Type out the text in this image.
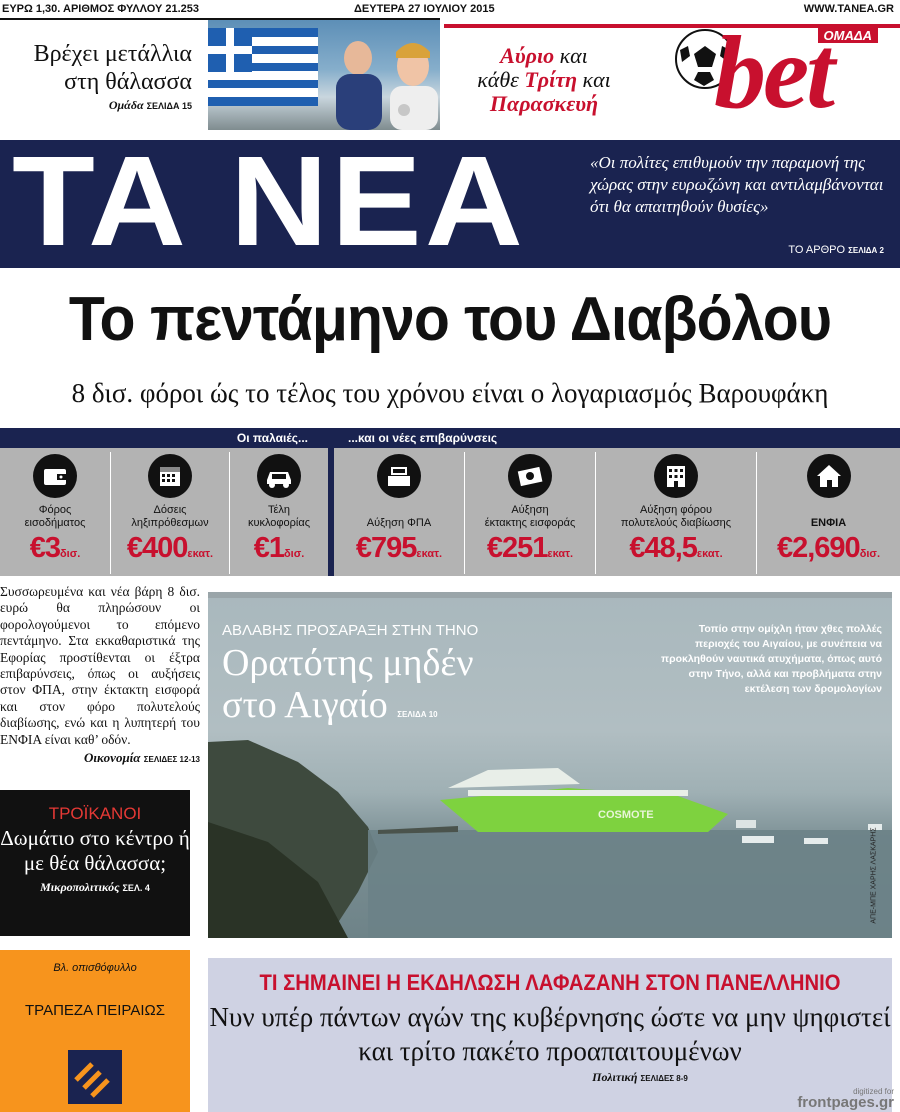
ΕΥΡΩ 1,30. ΑΡΙΘΜΟΣ ΦΥΛΛΟΥ 21.253	ΔΕΥΤΕΡΑ 27 ΙΟΥΛΙΟΥ 2015	WWW.TANEA.GR
Βρέχει μετάλλια
στη θάλασσα
Ομάδα ΣΕΛΙΔΑ 15
Αύριο και
κάθε Τρίτη και
Παρασκευή
ΟΜΑΔΑ
bet
ΤΑ ΝΕΑ	«Οι πολίτες επιθυμούν την παραμονή της χώρας στην ευρωζώνη και αντιλαμβάνονται ότι θα απαιτηθούν θυσίες»
ΤΟ ΑΡΘΡΟ ΣΕΛΙΔΑ 2
Το πεντάμηνο του Διαβόλου
8 δισ. φόροι ώς το τέλος του χρόνου είναι ο λογαριασμός Βαρουφάκη
Οι παλαιές...	...και οι νέες επιβαρύνσεις
Φόρος
εισοδήματος
€3δισ.
Δόσεις
ληξιπρόθεσμων
€400εκατ.
Τέλη
κυκλοφορίας
€1δισ.
Αύξηση ΦΠΑ
€795εκατ.
Αύξηση
έκτακτης εισφοράς
€251εκατ.
Αύξηση φόρου
πολυτελούς διαβίωσης
€48,5εκατ.
ΕΝΦΙΑ
€2,690δισ.
Συσσωρευμένα και νέα βάρη 8 δισ. ευρώ θα πληρώσουν οι φορολογούμενοι το επόμενο πεντάμηνο. Στα εκκαθαριστικά της Εφορίας προστίθενται οι έξτρα επιβαρύνσεις, όπως οι αυξήσεις στον ΦΠΑ, στην έκτακτη εισφορά και στον φόρο πολυτελούς διαβίωσης, ενώ και η λυπητερή του ΕΝΦΙΑ είναι καθ’ οδόν.
Οικονομία ΣΕΛΙΔΕΣ 12-13
ΤΡΟΪΚΑΝΟΙ
Δωμάτιο στο κέντρο ή με θέα θάλασσα;
Μικροπολιτικός ΣΕΛ. 4
Βλ. οπισθόφυλλο
ΤΡΑΠΕΖΑ ΠΕΙΡΑΙΩΣ
COSMOTE
ΑΒΛΑΒΗΣ ΠΡΟΣΑΡΑΞΗ ΣΤΗΝ ΤΗΝΟ
Ορατότης μηδέν
στο Αιγαίο ΣΕΛΙΔΑ 10
Τοπίο στην ομίχλη ήταν χθες πολλές περιοχές του Αιγαίου, με συνέπεια να προκληθούν ναυτικά ατυχήματα, όπως αυτό στην Τήνο, αλλά και προβλήματα στην εκτέλεση των δρομολογίων
ΑΠΕ-ΜΠΕ ΧΑΡΗΣ ΛΑΣΚΑΡΗΣ
ΤΙ ΣΗΜΑΙΝΕΙ Η ΕΚΔΗΛΩΣΗ ΛΑΦΑΖΑΝΗ ΣΤΟΝ ΠΑΝΕΛΛΗΝΙΟ
Νυν υπέρ πάντων αγών της κυβέρνησης ώστε να μην ψηφιστεί και τρίτο πακέτο προαπαιτουμένων
Πολιτική ΣΕΛΙΔΕΣ 8-9
digitized for
frontpages.gr
